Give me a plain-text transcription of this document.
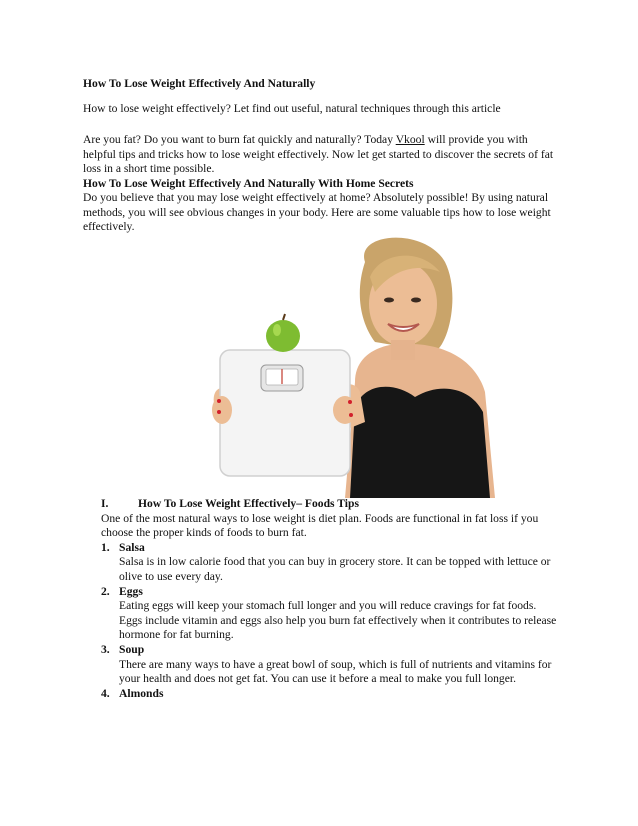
How To Lose Weight Effectively And Naturally
How to lose weight effectively? Let find out useful, natural techniques through this article
Are you fat? Do you want to burn fat quickly and naturally? Today Vkool will provide you with helpful tips and tricks how to lose weight effectively. Now let get started to discover the secrets of fat loss in a short time possible.
How To Lose Weight Effectively And Naturally With Home Secrets
Do you believe that you may lose weight effectively at home? Absolutely possible! By using natural methods, you will see obvious changes in your body. Here are some valuable tips how to lose weight effectively.
I.	How To Lose Weight Effectively– Foods Tips
One of the most natural ways to lose weight is diet plan. Foods are functional in fat loss if you choose the proper kinds of foods to burn fat.
1. Salsa
Salsa is in low calorie food that you can buy in grocery store. It can be topped with lettuce or olive to use every day.
2. Eggs
Eating eggs will keep your stomach full longer and you will reduce cravings for fat foods. Eggs include vitamin and eggs also help you burn fat effectively when it contributes to release hormone for fat burning.
3. Soup
There are many ways to have a great bowl of soup, which is full of nutrients and vitamins for your health and does not get fat. You can use it before a meal to make you full longer.
4. Almonds
